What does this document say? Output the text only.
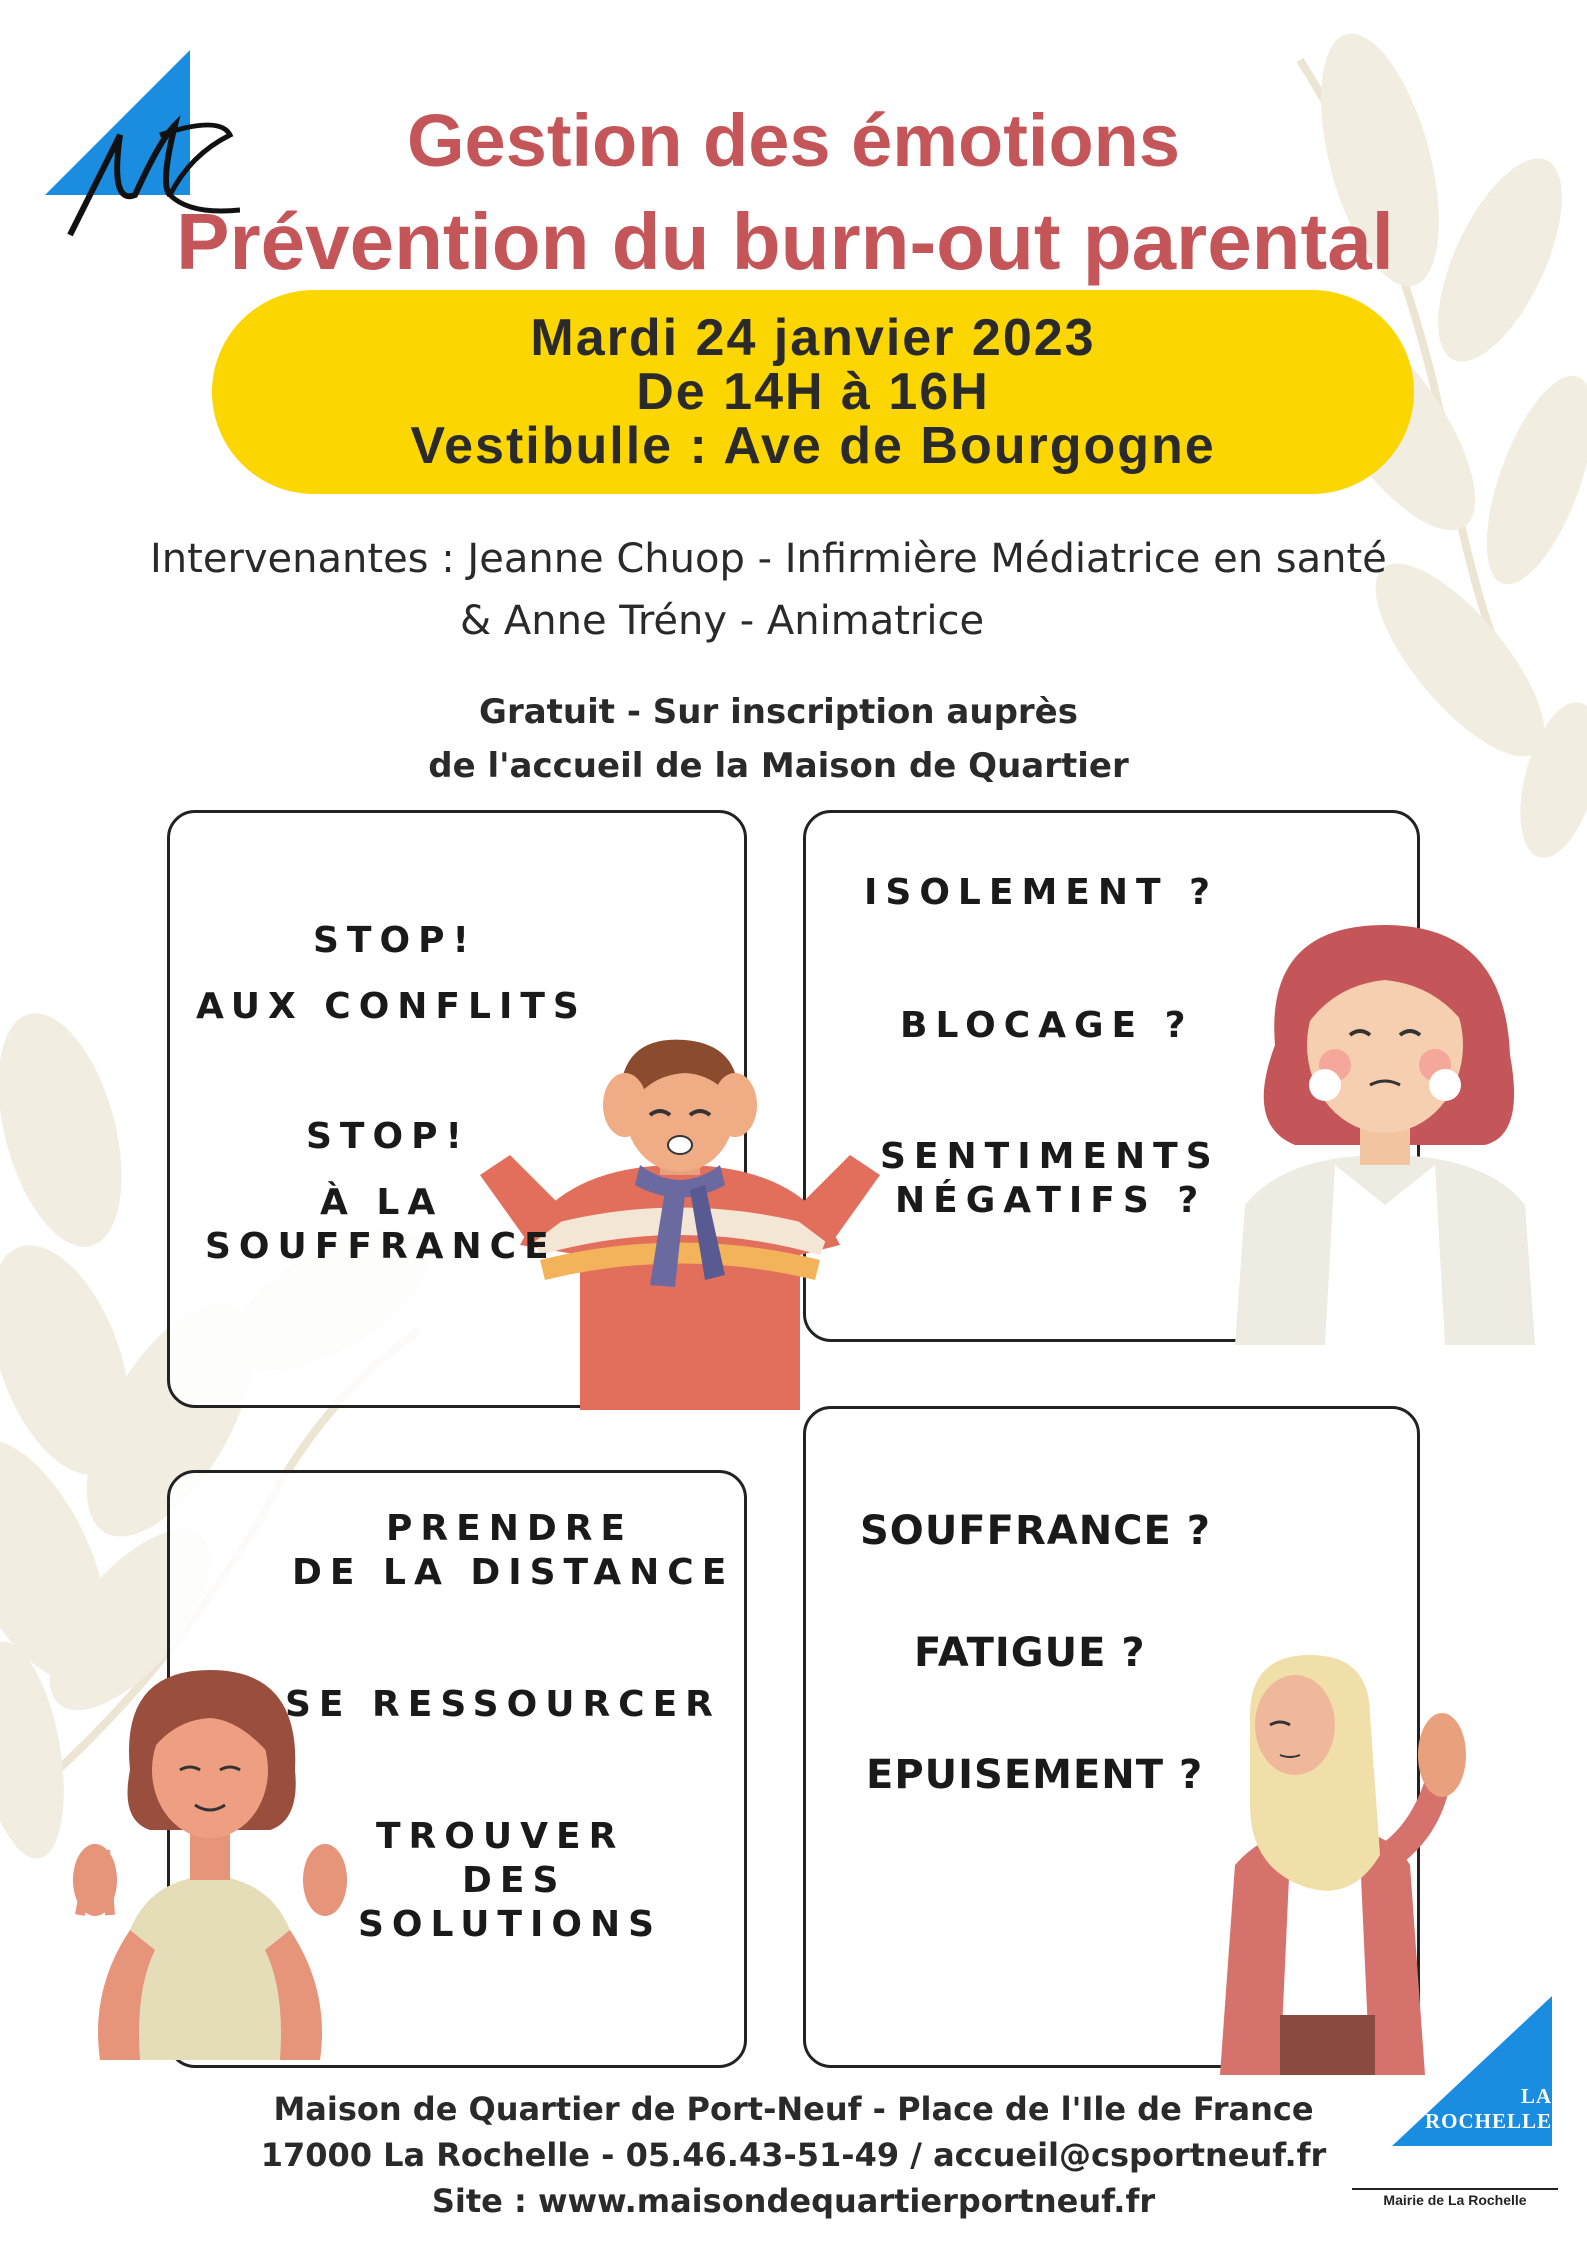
Gestion des émotions
Prévention du burn-out parental
Mardi 24 janvier 2023
De 14H à 16H
Vestibulle : Ave de Bourgogne
Intervenantes : Jeanne Chuop - Infirmière Médiatrice en santé
& Anne Trény - Animatrice
Gratuit - Sur inscription auprès
de l'accueil de la Maison de Quartier
STOP!
AUX CONFLITS
STOP!
À LA
SOUFFRANCE
ISOLEMENT ?
BLOCAGE ?
SENTIMENTS
NÉGATIFS ?
PRENDRE
DE LA DISTANCE
SE RESSOURCER
TROUVER
DES
SOLUTIONS
SOUFFRANCE ?
FATIGUE ?
EPUISEMENT ?
Maison de Quartier de Port-Neuf - Place de l'Ile de France
17000 La Rochelle - 05.46.43-51-49 / accueil@csportneuf.fr
Site : www.maisondequartierportneuf.fr
LA ROCHELLE
Mairie de La Rochelle
